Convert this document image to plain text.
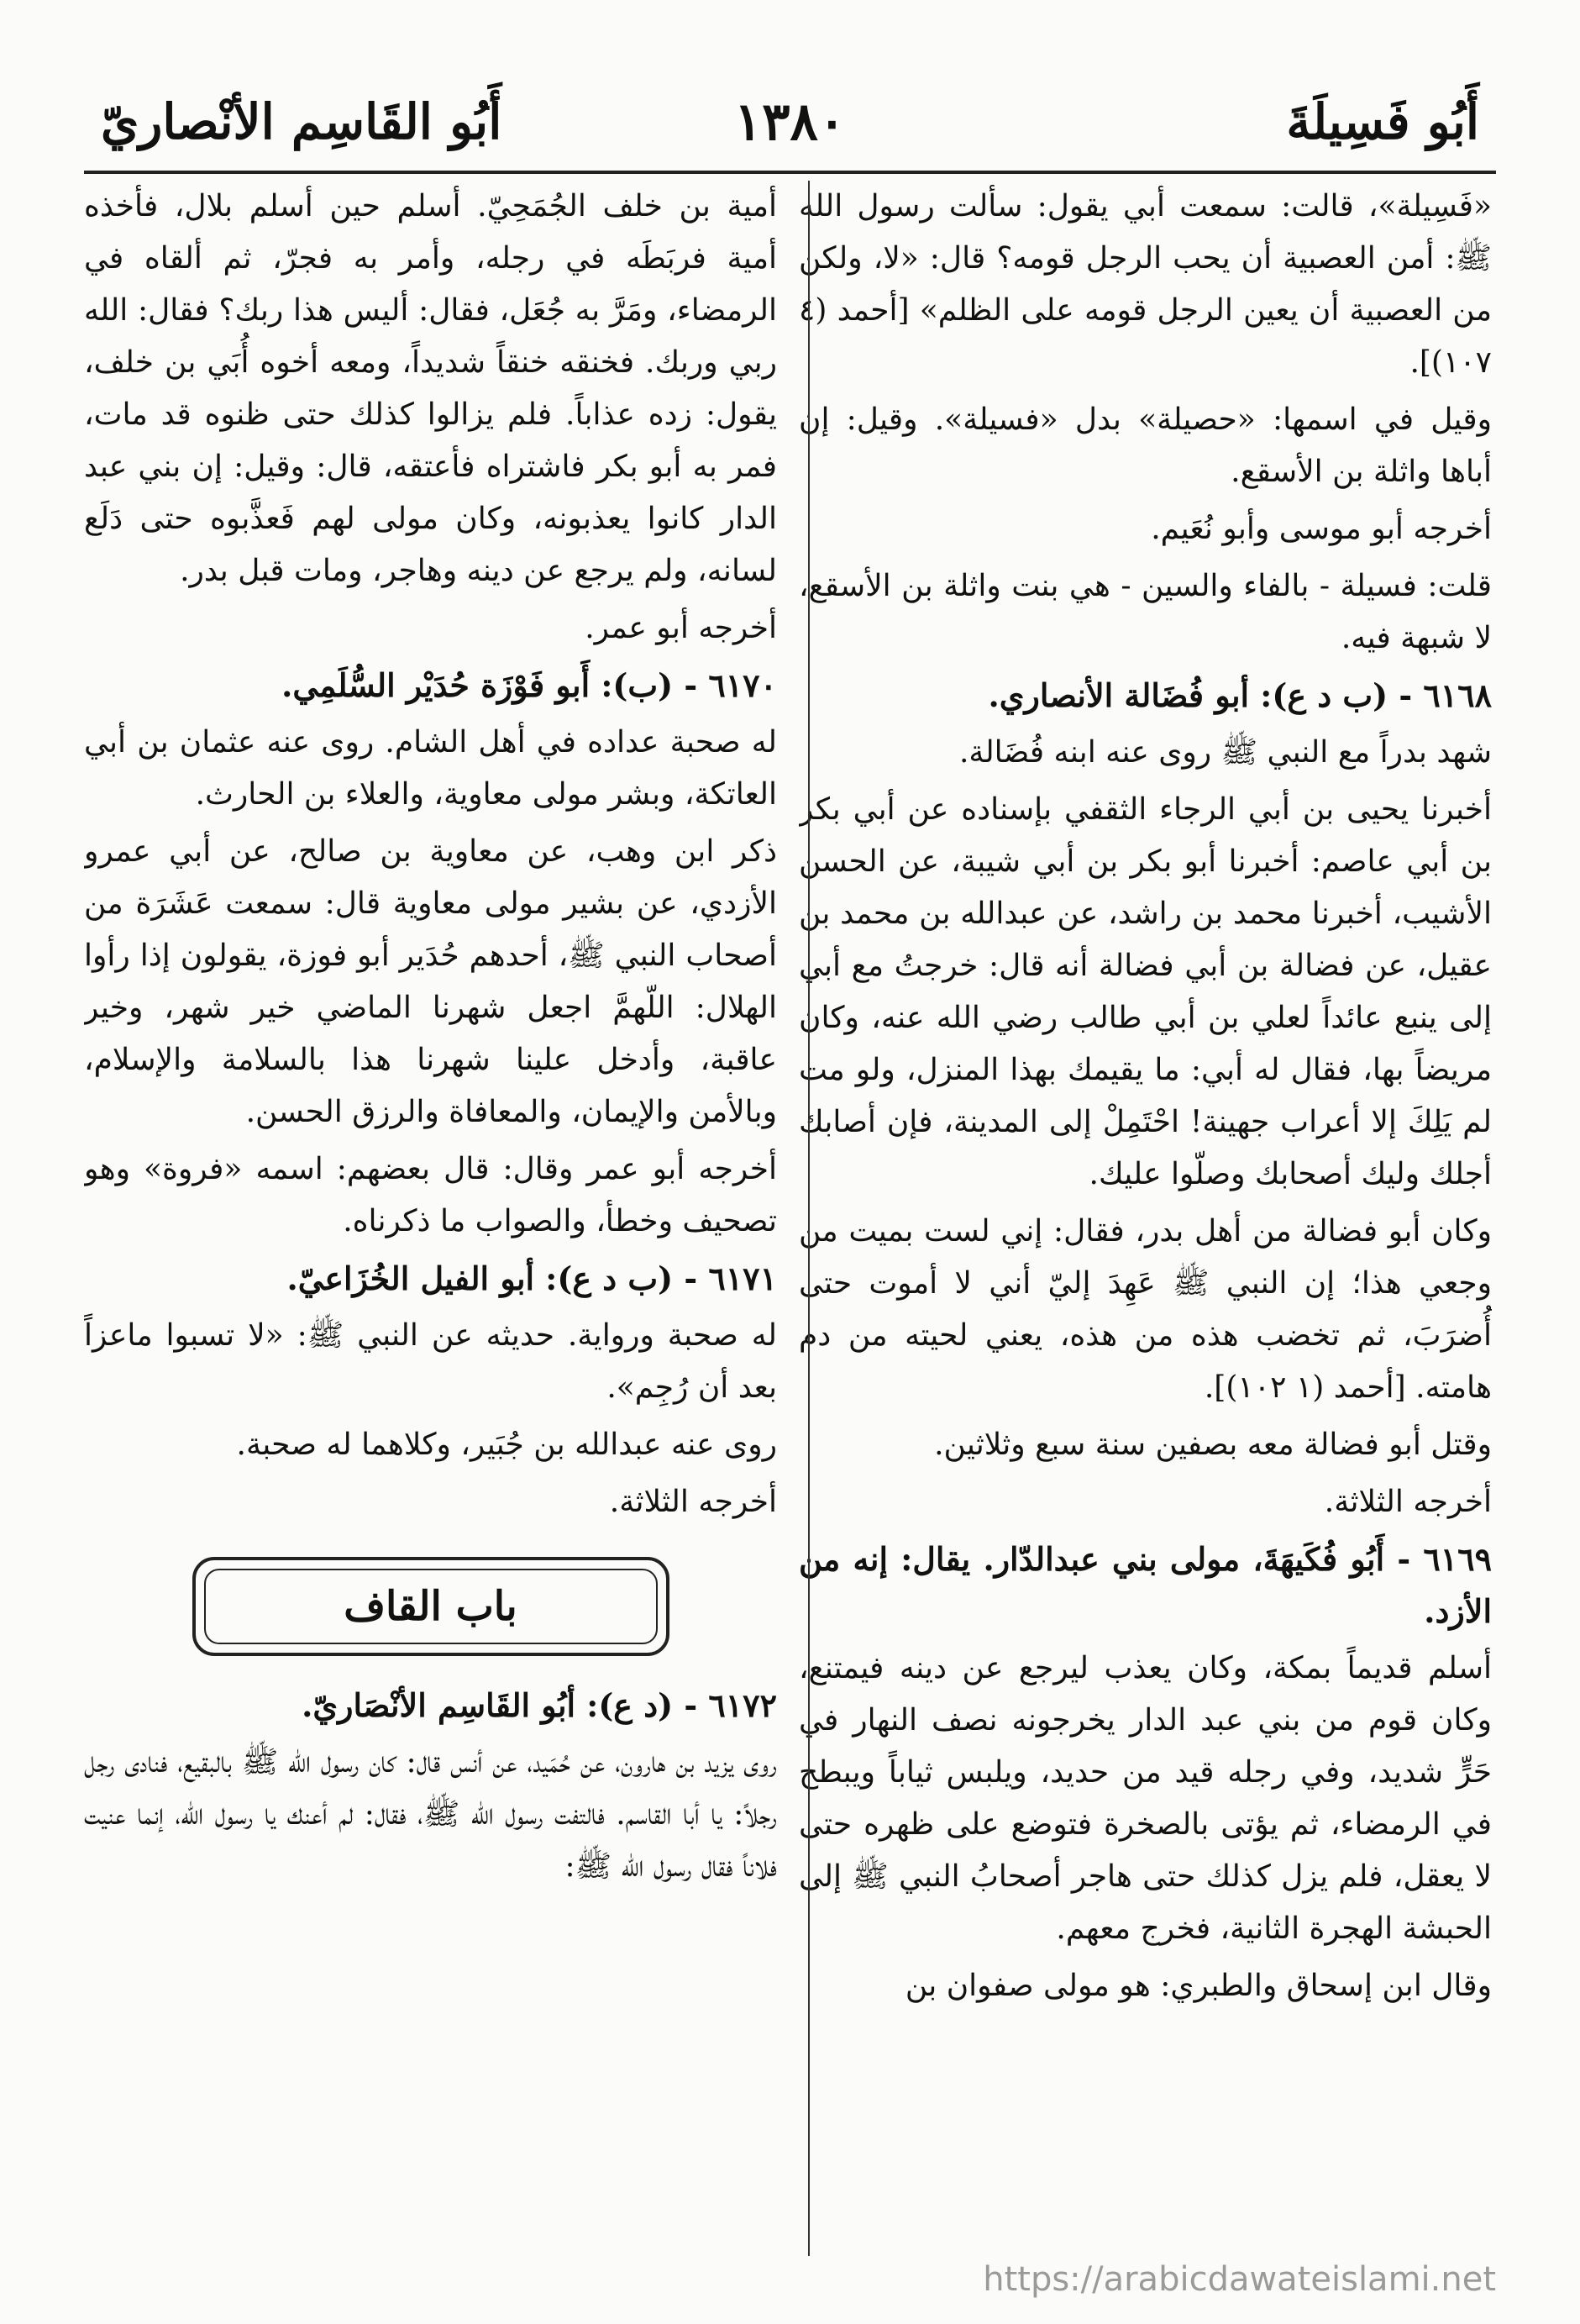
أَبُو فَسِيلَةَ
١٣٨٠
أَبُو القَاسِم الأنْصاريّ

«فَسِيلة»، قالت: سمعت أبي يقول: سألت رسول الله ﷺ: أمن العصبية أن يحب الرجل قومه؟ قال: «لا، ولكن من العصبية أن يعين الرجل قومه على الظلم» [أحمد (٤ ١٠٧)].

وقيل في اسمها: «حصيلة» بدل «فسيلة». وقيل: إن أباها واثلة بن الأسقع.

أخرجه أبو موسى وأبو نُعَيم.

قلت: فسيلة - بالفاء والسين - هي بنت واثلة بن الأسقع، لا شبهة فيه.

٦١٦٨ - (ب د ع): أبو فُضَالة الأنصاري.

شهد بدراً مع النبي ﷺ روى عنه ابنه فُضَالة.

أخبرنا يحيى بن أبي الرجاء الثقفي بإسناده عن أبي بكر بن أبي عاصم: أخبرنا أبو بكر بن أبي شيبة، عن الحسن الأشيب، أخبرنا محمد بن راشد، عن عبدالله بن محمد بن عقيل، عن فضالة بن أبي فضالة أنه قال: خرجتُ مع أبي إلى ينبع عائداً لعلي بن أبي طالب رضي الله عنه، وكان مريضاً بها، فقال له أبي: ما يقيمك بهذا المنزل، ولو مت لم يَلِكَ إلا أعراب جهينة! احْتَمِلْ إلى المدينة، فإن أصابك أجلك وليك أصحابك وصلّوا عليك.

وكان أبو فضالة من أهل بدر، فقال: إني لست بميت من وجعي هذا؛ إن النبي ﷺ عَهِدَ إليّ أني لا أموت حتى أُضرَبَ، ثم تخضب هذه من هذه، يعني لحيته من دم هامته. [أحمد (١ ١٠٢)].

وقتل أبو فضالة معه بصفين سنة سبع وثلاثين.

أخرجه الثلاثة.

٦١٦٩ - أَبُو فُكَيهَةَ، مولى بني عبدالدّار. يقال: إنه من الأزد.

أسلم قديماً بمكة، وكان يعذب ليرجع عن دينه فيمتنع، وكان قوم من بني عبد الدار يخرجونه نصف النهار في حَرٍّ شديد، وفي رجله قيد من حديد، ويلبس ثياباً ويبطح في الرمضاء، ثم يؤتى بالصخرة فتوضع على ظهره حتى لا يعقل، فلم يزل كذلك حتى هاجر أصحابُ النبي ﷺ إلى الحبشة الهجرة الثانية، فخرج معهم.

وقال ابن إسحاق والطبري: هو مولى صفوان بن

أمية بن خلف الجُمَحِيّ. أسلم حين أسلم بلال، فأخذه أمية فربَطَه في رجله، وأمر به فجرّ، ثم ألقاه في الرمضاء، ومَرَّ به جُعَل، فقال: أليس هذا ربك؟ فقال: الله ربي وربك. فخنقه خنقاً شديداً، ومعه أخوه أُبَي بن خلف، يقول: زده عذاباً. فلم يزالوا كذلك حتى ظنوه قد مات، فمر به أبو بكر فاشتراه فأعتقه، قال: وقيل: إن بني عبد الدار كانوا يعذبونه، وكان مولى لهم فَعذَّبوه حتى دَلَع لسانه، ولم يرجع عن دينه وهاجر، ومات قبل بدر.

أخرجه أبو عمر.

٦١٧٠ - (ب): أَبو فَوْزَة حُدَيْر السُّلَمِي.

له صحبة عداده في أهل الشام. روى عنه عثمان بن أبي العاتكة، وبشر مولى معاوية، والعلاء بن الحارث.

ذكر ابن وهب، عن معاوية بن صالح، عن أبي عمرو الأزدي، عن بشير مولى معاوية قال: سمعت عَشَرَة من أصحاب النبي ﷺ، أحدهم حُدَير أبو فوزة، يقولون إذا رأوا الهلال: اللّهمَّ اجعل شهرنا الماضي خير شهر، وخير عاقبة، وأدخل علينا شهرنا هذا بالسلامة والإسلام، وبالأمن والإيمان، والمعافاة والرزق الحسن.

أخرجه أبو عمر وقال: قال بعضهم: اسمه «فروة» وهو تصحيف وخطأ، والصواب ما ذكرناه.

٦١٧١ - (ب د ع): أبو الفيل الخُزَاعيّ.

له صحبة ورواية. حديثه عن النبي ﷺ: «لا تسبوا ماعزاً بعد أن رُجِم».

روى عنه عبدالله بن جُبَير، وكلاهما له صحبة.

أخرجه الثلاثة.

باب القاف

٦١٧٢ - (د ع): أبُو القَاسِم الأنْصَاريّ.

روى يزيد بن هارون، عن حُمَيد، عن أنس قال: كان رسول الله ﷺ بالبقيع، فنادى رجل رجلاً: يا أبا القاسم. فالتفت رسول الله ﷺ، فقال: لم أعنك يا رسول الله، إنما عنيت فلاناً فقال رسول الله ﷺ:

https://arabicdawateislami.net
